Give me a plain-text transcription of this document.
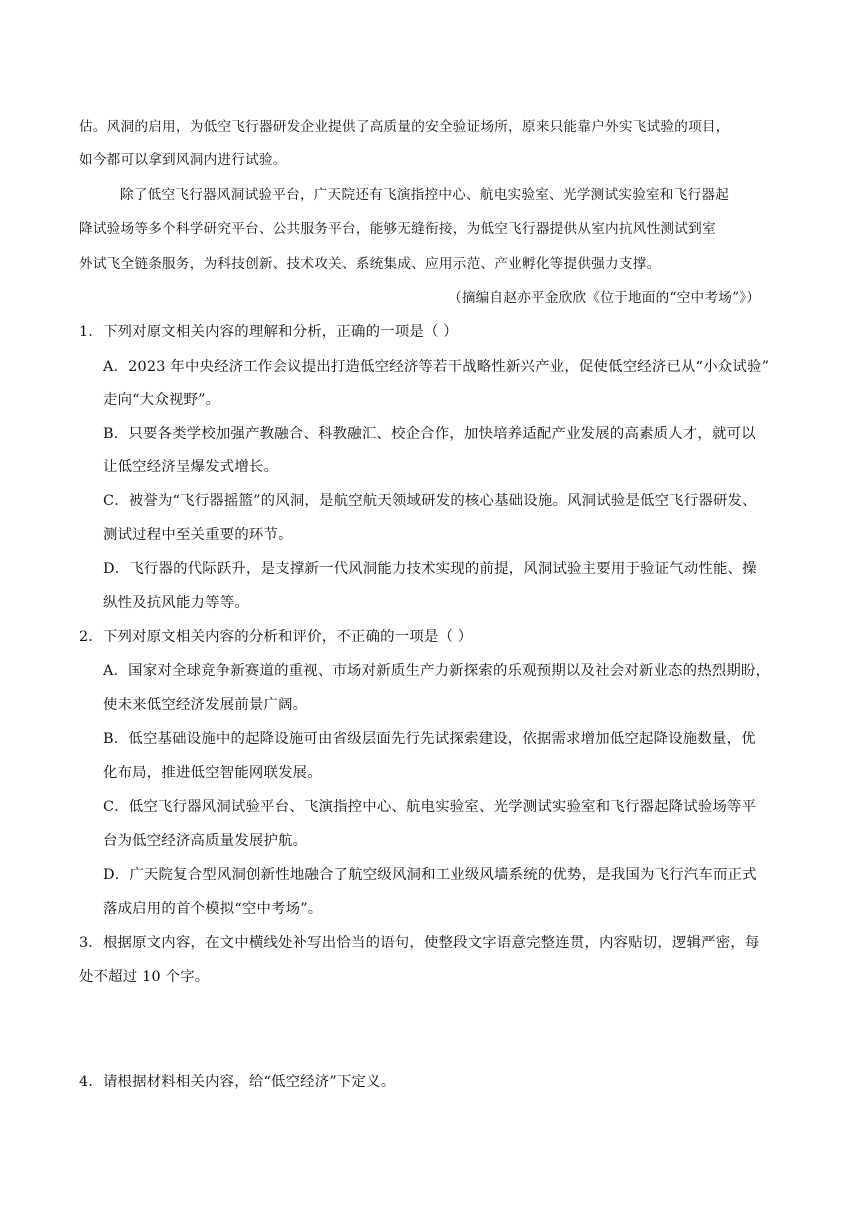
估。风洞的启用，为低空飞行器研发企业提供了高质量的安全验证场所，原来只能靠户外实飞试验的项目，
如今都可以拿到风洞内进行试验。
除了低空飞行器风洞试验平台，广天院还有飞演指控中心、航电实验室、光学测试实验室和飞行器起
降试验场等多个科学研究平台、公共服务平台，能够无缝衔接，为低空飞行器提供从室内抗风性测试到室
外试飞全链条服务，为科技创新、技术攻关、系统集成、应用示范、产业孵化等提供强力支撑。
（摘编自赵亦平金欣欣《位于地面的“空中考场”》）
1．下列对原文相关内容的理解和分析，正确的一项是（ ）
A．2023 年中央经济工作会议提出打造低空经济等若干战略性新兴产业，促使低空经济已从“小众试验”
走向“大众视野”。
B．只要各类学校加强产教融合、科教融汇、校企合作，加快培养适配产业发展的高素质人才，就可以
让低空经济呈爆发式增长。
C．被誉为“飞行器摇篮”的风洞，是航空航天领域研发的核心基础设施。风洞试验是低空飞行器研发、
测试过程中至关重要的环节。
D．飞行器的代际跃升，是支撑新一代风洞能力技术实现的前提，风洞试验主要用于验证气动性能、操
纵性及抗风能力等等。
2．下列对原文相关内容的分析和评价，不正确的一项是（ ）
A．国家对全球竞争新赛道的重视、市场对新质生产力新探索的乐观预期以及社会对新业态的热烈期盼，
使未来低空经济发展前景广阔。
B．低空基础设施中的起降设施可由省级层面先行先试探索建设，依据需求增加低空起降设施数量，优
化布局，推进低空智能网联发展。
C．低空飞行器风洞试验平台、飞演指控中心、航电实验室、光学测试实验室和飞行器起降试验场等平
台为低空经济高质量发展护航。
D．广天院复合型风洞创新性地融合了航空级风洞和工业级风墙系统的优势，是我国为飞行汽车而正式
落成启用的首个模拟“空中考场”。
3．根据原文内容，在文中横线处补写出恰当的语句，使整段文字语意完整连贯，内容贴切，逻辑严密，每
处不超过 10 个字。
4．请根据材料相关内容，给“低空经济”下定义。
